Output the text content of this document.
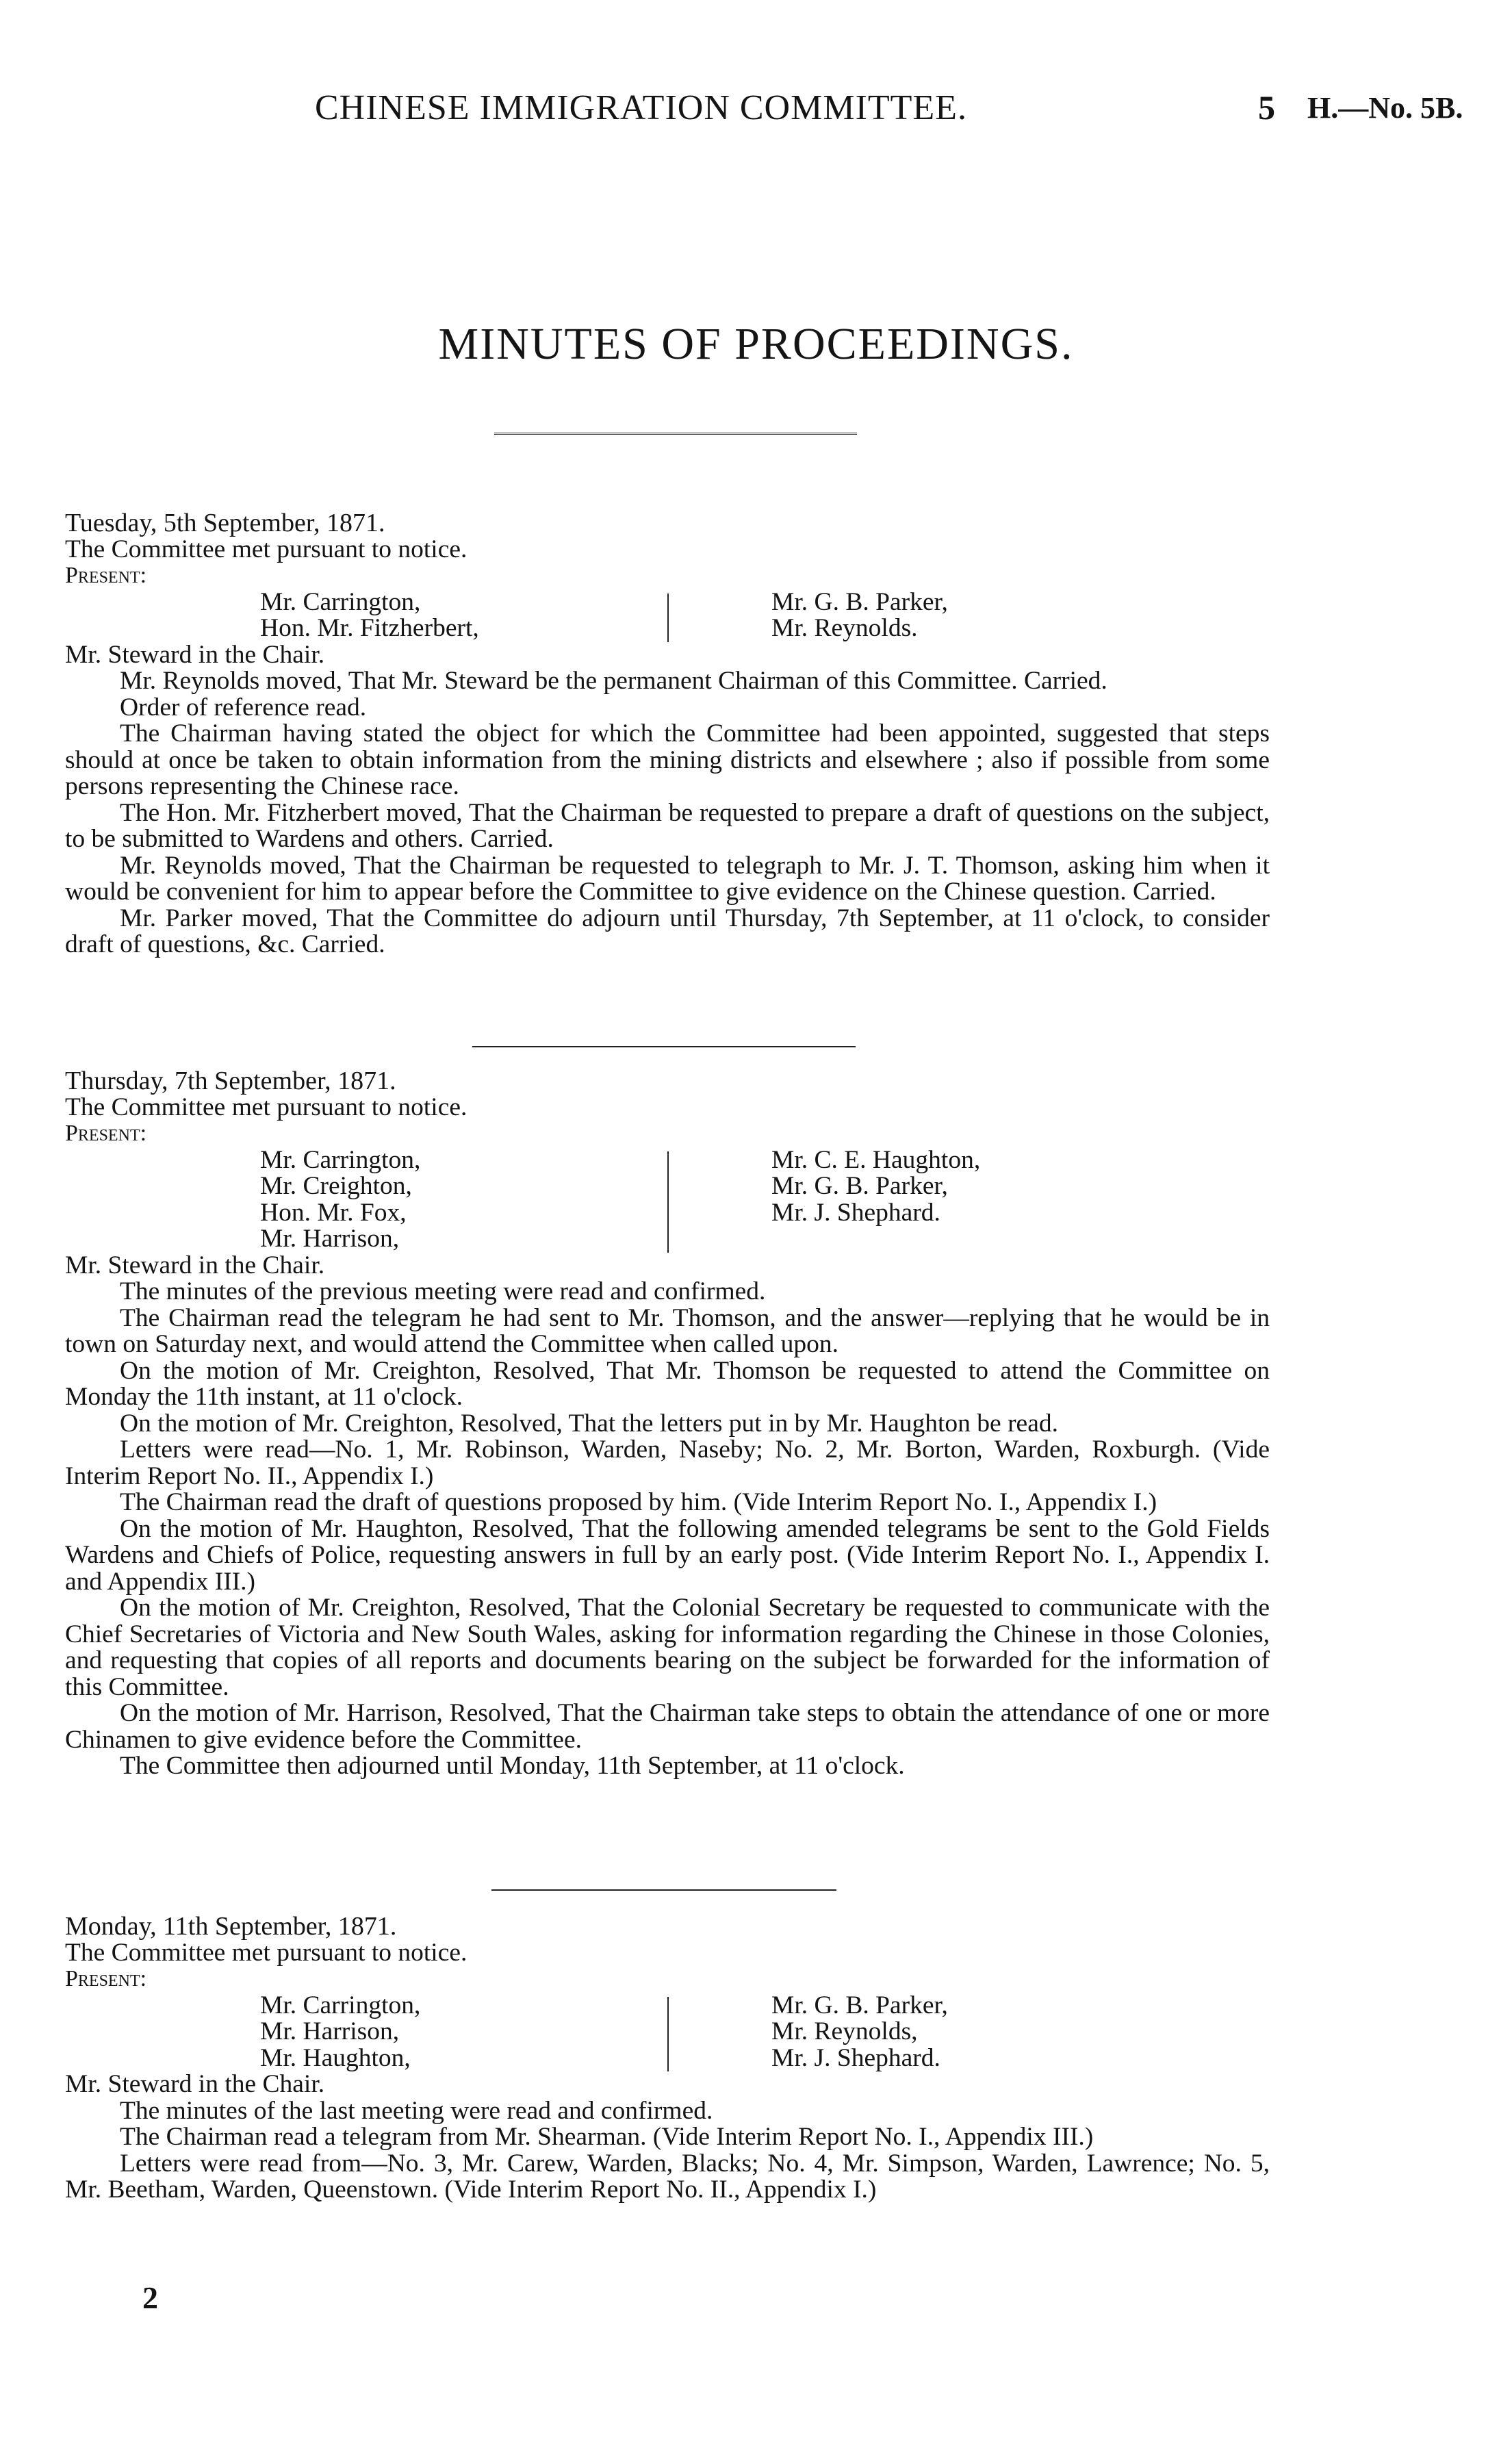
CHINESE IMMIGRATION COMMITTEE.	5 H.—No. 5B.
MINUTES OF PROCEEDINGS.

Tuesday, 5th September, 1871.

The Committee met pursuant to notice.

Present:

Mr. Carrington,
Hon. Mr. Fitzherbert,
Mr. G. B. Parker,
Mr. Reynolds.

Mr. Steward in the Chair.

Mr. Reynolds moved, That Mr. Steward be the permanent Chairman of this Committee. Carried.

Order of reference read.

The Chairman having stated the object for which the Committee had been appointed, suggested that steps should at once be taken to obtain information from the mining districts and elsewhere ; also if possible from some persons representing the Chinese race.

The Hon. Mr. Fitzherbert moved, That the Chairman be requested to prepare a draft of questions on the subject, to be submitted to Wardens and others. Carried.

Mr. Reynolds moved, That the Chairman be requested to telegraph to Mr. J. T. Thomson, asking him when it would be convenient for him to appear before the Committee to give evidence on the Chinese question. Carried.

Mr. Parker moved, That the Committee do adjourn until Thursday, 7th September, at 11 o'clock, to consider draft of questions, &c. Carried.

Thursday, 7th September, 1871.

The Committee met pursuant to notice.

Present:

Mr. Carrington,
Mr. Creighton,
Hon. Mr. Fox,
Mr. Harrison,
Mr. C. E. Haughton,
Mr. G. B. Parker,
Mr. J. Shephard.

Mr. Steward in the Chair.

The minutes of the previous meeting were read and confirmed.

The Chairman read the telegram he had sent to Mr. Thomson, and the answer—replying that he would be in town on Saturday next, and would attend the Committee when called upon.

On the motion of Mr. Creighton, Resolved, That Mr. Thomson be requested to attend the Committee on Monday the 11th instant, at 11 o'clock.

On the motion of Mr. Creighton, Resolved, That the letters put in by Mr. Haughton be read.

Letters were read—No. 1, Mr. Robinson, Warden, Naseby; No. 2, Mr. Borton, Warden, Roxburgh. (Vide Interim Report No. II., Appendix I.)

The Chairman read the draft of questions proposed by him. (Vide Interim Report No. I., Appendix I.)

On the motion of Mr. Haughton, Resolved, That the following amended telegrams be sent to the Gold Fields Wardens and Chiefs of Police, requesting answers in full by an early post. (Vide Interim Report No. I., Appendix I. and Appendix III.)

On the motion of Mr. Creighton, Resolved, That the Colonial Secretary be requested to communicate with the Chief Secretaries of Victoria and New South Wales, asking for information regarding the Chinese in those Colonies, and requesting that copies of all reports and documents bearing on the subject be forwarded for the information of this Committee.

On the motion of Mr. Harrison, Resolved, That the Chairman take steps to obtain the attendance of one or more Chinamen to give evidence before the Committee.

The Committee then adjourned until Monday, 11th September, at 11 o'clock.

Monday, 11th September, 1871.

The Committee met pursuant to notice.

Present:

Mr. Carrington,
Mr. Harrison,
Mr. Haughton,
Mr. G. B. Parker,
Mr. Reynolds,
Mr. J. Shephard.

Mr. Steward in the Chair.

The minutes of the last meeting were read and confirmed.

The Chairman read a telegram from Mr. Shearman. (Vide Interim Report No. I., Appendix III.)

Letters were read from—No. 3, Mr. Carew, Warden, Blacks; No. 4, Mr. Simpson, Warden, Lawrence; No. 5, Mr. Beetham, Warden, Queenstown. (Vide Interim Report No. II., Appendix I.)

2
